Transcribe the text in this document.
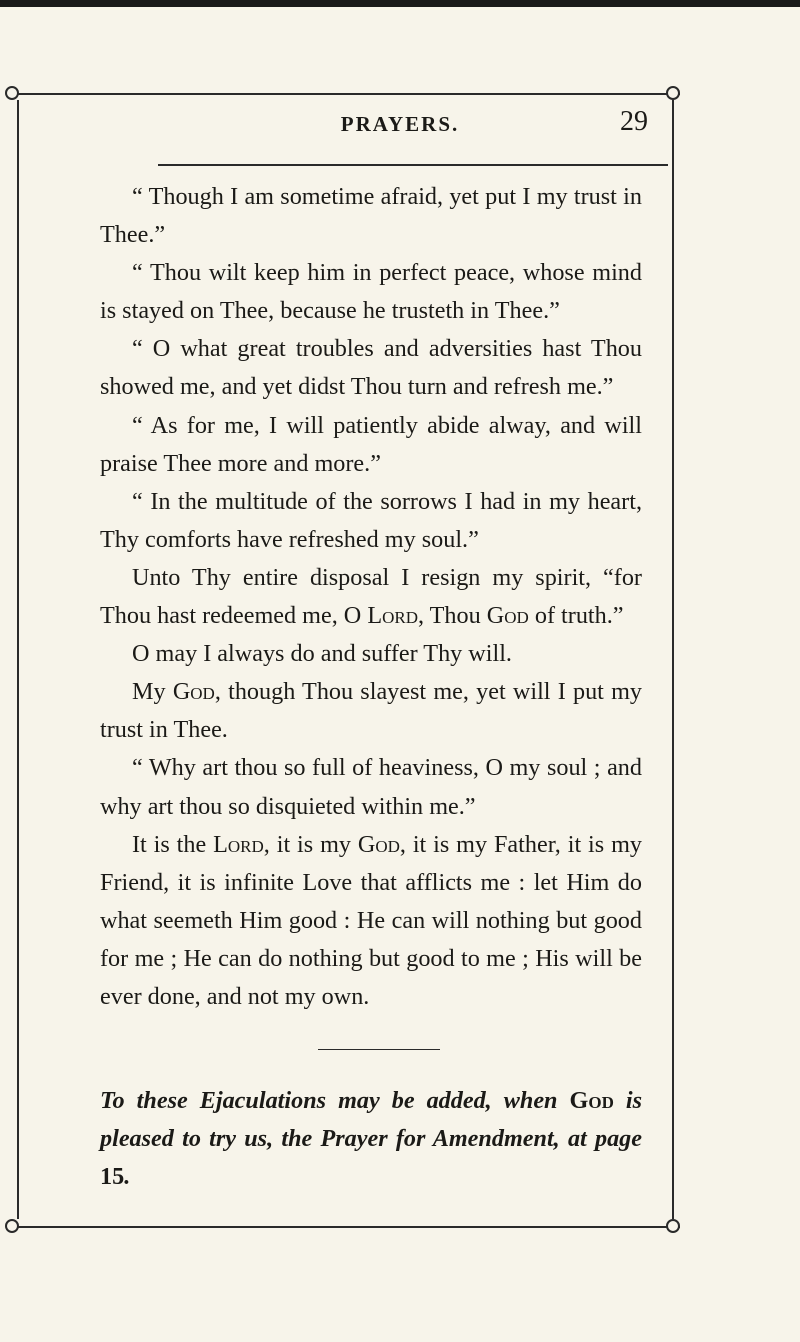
PRAYERS.	29

“ Though I am sometime afraid, yet put I my trust in Thee.”

“ Thou wilt keep him in perfect peace, whose mind is stayed on Thee, because he trusteth in Thee.”

“ O what great troubles and adversities hast Thou showed me, and yet didst Thou turn and refresh me.”

“ As for me, I will patiently abide alway, and will praise Thee more and more.”

“ In the multitude of the sorrows I had in my heart, Thy comforts have refreshed my soul.”

Unto Thy entire disposal I resign my spirit, “for Thou hast redeemed me, O Lord, Thou God of truth.”

O may I always do and suffer Thy will.

My God, though Thou slayest me, yet will I put my trust in Thee.

“ Why art thou so full of heaviness, O my soul ; and why art thou so disquieted within me.”

It is the Lord, it is my God, it is my Father, it is my Friend, it is infinite Love that afflicts me : let Him do what seemeth Him good : He can will nothing but good for me ; He can do nothing but good to me ; His will be ever done, and not my own.

To these Ejaculations may be added, when God is pleased to try us, the Prayer for Amendment, at page 15.
